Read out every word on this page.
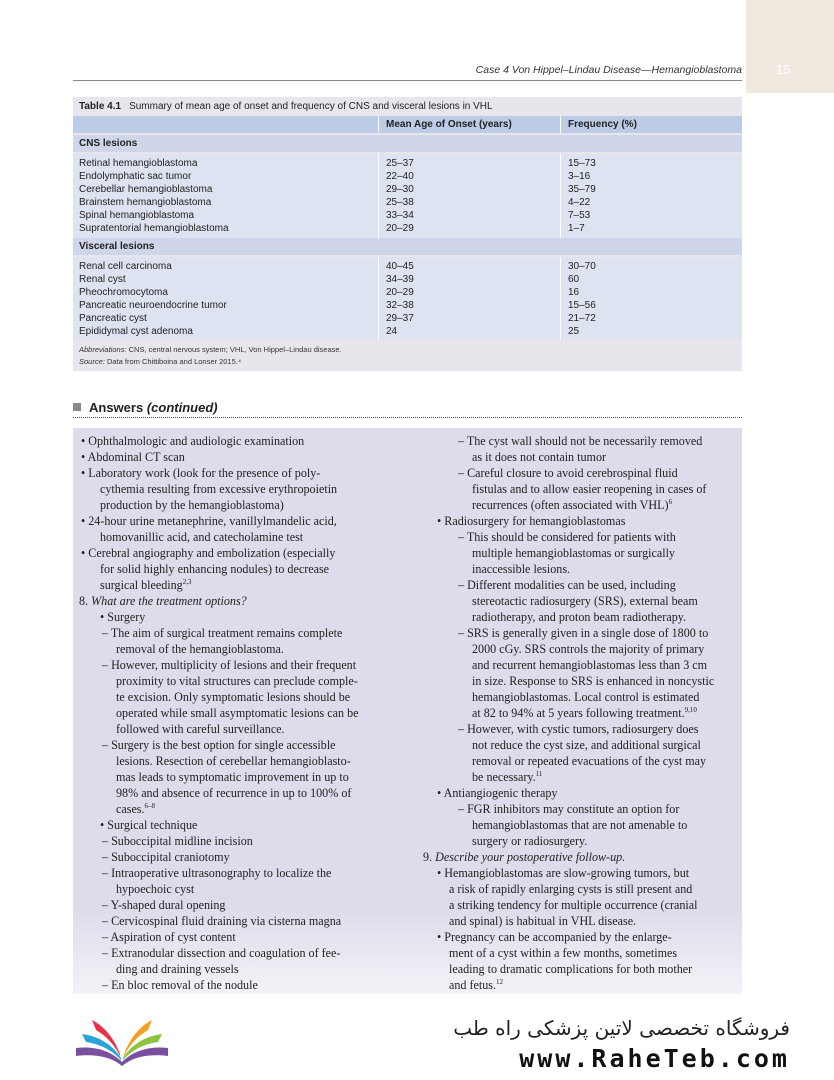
15
Case 4 Von Hippel–Lindau Disease—Hemangioblastoma
Table 4.1 Summary of mean age of onset and frequency of CNS and visceral lesions in VHL
Mean Age of Onset (years)	Frequency (%)
CNS lesions
Retinal hemangioblastoma	25–37	15–73
Endolymphatic sac tumor	22–40	3–16
Cerebellar hemangioblastoma	29–30	35–79
Brainstem hemangioblastoma	25–38	4–22
Spinal hemangioblastoma	33–34	7–53
Supratentorial hemangioblastoma	20–29	1–7
Visceral lesions
Renal cell carcinoma	40–45	30–70
Renal cyst	34–39	60
Pheochromocytoma	20–29	16
Pancreatic neuroendocrine tumor	32–38	15–56
Pancreatic cyst	29–37	21–72
Epididymal cyst adenoma	24	25
Abbreviations: CNS, central nervous system; VHL, Von Hippel–Lindau disease.
Source: Data from Chittiboina and Lonser 2015.⁴
Answers (continued)
• Ophthalmologic and audiologic examination
• Abdominal CT scan
• Laboratory work (look for the presence of poly-
cythemia resulting from excessive erythropoietin
production by the hemangioblastoma)
• 24-hour urine metanephrine, vanillylmandelic acid,
homovanillic acid, and catecholamine test
• Cerebral angiography and embolization (especially
for solid highly enhancing nodules) to decrease
surgical bleeding$^{2,3}$
8. What are the treatment options?
• Surgery
– The aim of surgical treatment remains complete
removal of the hemangioblastoma.
– However, multiplicity of lesions and their frequent
proximity to vital structures can preclude comple-
te excision. Only symptomatic lesions should be
operated while small asymptomatic lesions can be
followed with careful surveillance.
– Surgery is the best option for single accessible
lesions. Resection of cerebellar hemangioblasto-
mas leads to symptomatic improvement in up to
98% and absence of recurrence in up to 100% of
cases.$^{6-8}$
• Surgical technique
– Suboccipital midline incision
– Suboccipital craniotomy
– Intraoperative ultrasonography to localize the
hypoechoic cyst
– Y-shaped dural opening
– Cervicospinal fluid draining via cisterna magna
– Aspiration of cyst content
– Extranodular dissection and coagulation of fee-
ding and draining vessels
– En bloc removal of the nodule
– The cyst wall should not be necessarily removed
as it does not contain tumor
– Careful closure to avoid cerebrospinal fluid
fistulas and to allow easier reopening in cases of
recurrences (often associated with VHL)$^6$
• Radiosurgery for hemangioblastomas
– This should be considered for patients with
multiple hemangioblastomas or surgically
inaccessible lesions.
– Different modalities can be used, including
stereotactic radiosurgery (SRS), external beam
radiotherapy, and proton beam radiotherapy.
– SRS is generally given in a single dose of 1800 to
2000 cGy. SRS controls the majority of primary
and recurrent hemangioblastomas less than 3 cm
in size. Response to SRS is enhanced in noncystic
hemangioblastomas. Local control is estimated
at 82 to 94% at 5 years following treatment.$^{9,10}$
– However, with cystic tumors, radiosurgery does
not reduce the cyst size, and additional surgical
removal or repeated evacuations of the cyst may
be necessary.$^{11}$
• Antiangiogenic therapy
– FGR inhibitors may constitute an option for
hemangioblastomas that are not amenable to
surgery or radiosurgery.
9. Describe your postoperative follow-up.
• Hemangioblastomas are slow-growing tumors, but
a risk of rapidly enlarging cysts is still present and
a striking tendency for multiple occurrence (cranial
and spinal) is habitual in VHL disease.
• Pregnancy can be accompanied by the enlarge-
ment of a cyst within a few months, sometimes
leading to dramatic complications for both mother
and fetus.$^{12}$
فروشگاه تخصصی لاتین پزشکی راه طب
www.RaheTeb.com
